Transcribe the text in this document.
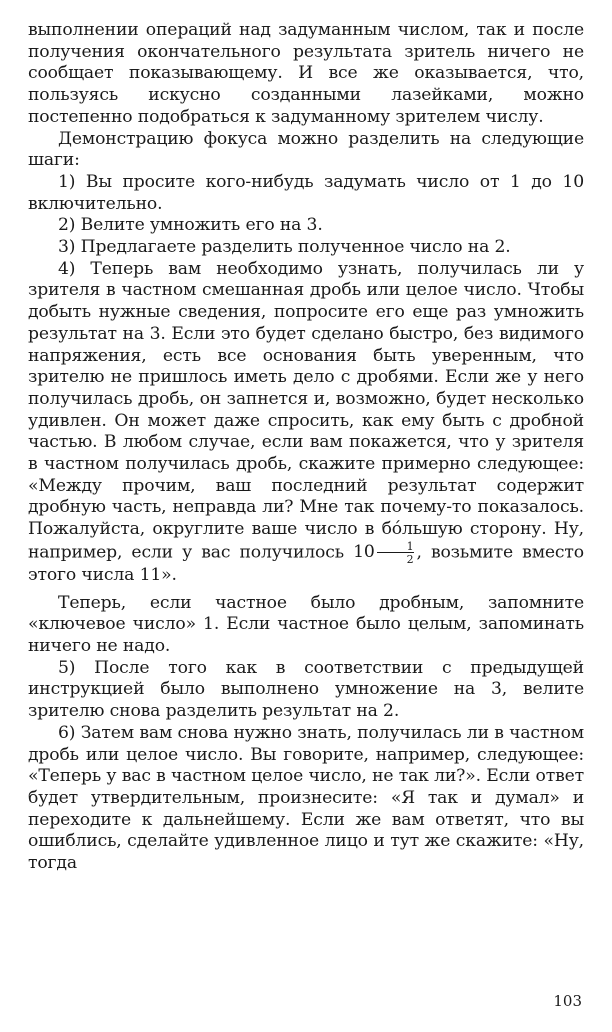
выполнении операций над задуманным числом, так и после получения окончательного результата зритель ничего не сообщает показывающему. И все же оказывается, что, пользуясь искусно созданными лазейками, можно постепенно подобраться к задуманному зрителем числу.

Демонстрацию фокуса можно разделить на следующие шаги:

1) Вы просите кого-нибудь задумать число от 1 до 10 включительно.

2) Велите умножить его на 3.

3) Предлагаете разделить полученное число на 2.

4) Теперь вам необходимо узнать, получилась ли у зрителя в частном смешанная дробь или целое число. Чтобы добыть нужные сведения, попросите его еще раз умножить результат на 3. Если это будет сделано быстро, без видимого напряжения, есть все основания быть уверенным, что зрителю не пришлось иметь дело с дробями. Если же у него получилась дробь, он запнется и, возможно, будет несколько удивлен. Он может даже спросить, как ему быть с дробной частью. В любом случае, если вам покажется, что у зрителя в частном получилась дробь, скажите примерно следующее: «Между прочим, ваш последний результат содержит дробную часть, неправда ли? Мне так почему-то показалось. Пожалуйста, округлите ваше число в бóльшую сторону. Ну, например, если у вас получилось $10 \frac{1}{2}$ , возьмите вместо этого числа 11».

Теперь, если частное было дробным, запомните «ключевое число» 1. Если частное было целым, запоминать ничего не надо.

5) После того как в соответствии с предыдущей инструкцией было выполнено умножение на 3, велите зрителю снова разделить результат на 2.

6) Затем вам снова нужно знать, получилась ли в частном дробь или целое число. Вы говорите, например, следующее: «Теперь у вас в частном целое число, не так ли?». Если ответ будет утвердительным, произнесите: «Я так и думал» и переходите к дальнейшему. Если же вам ответят, что вы ошиблись, сделайте удивленное лицо и тут же скажите: «Ну, тогда

103
